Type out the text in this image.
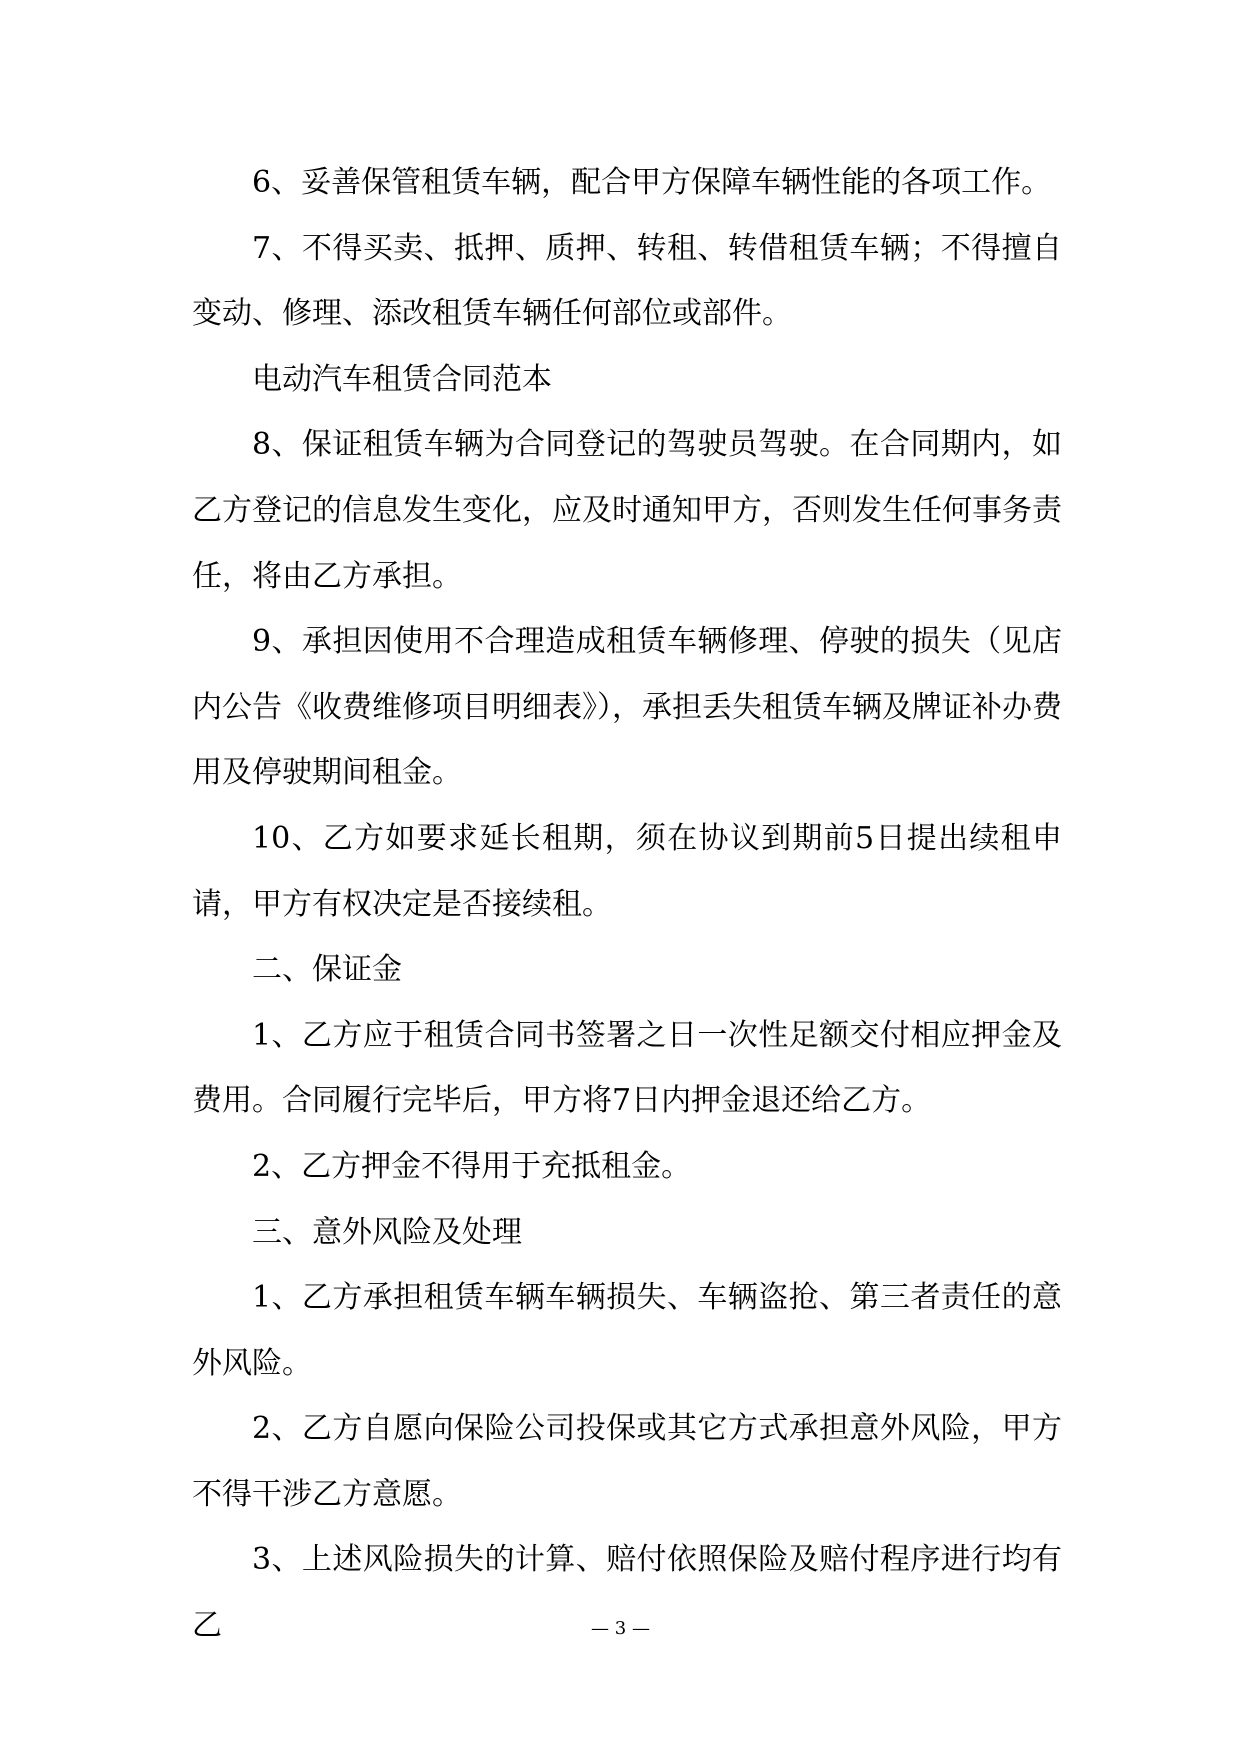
6、妥善保管租赁车辆，配合甲方保障车辆性能的各项工作。

7、不得买卖、抵押、质押、转租、转借租赁车辆；不得擅自变动、修理、添改租赁车辆任何部位或部件。

电动汽车租赁合同范本

8、保证租赁车辆为合同登记的驾驶员驾驶。在合同期内，如乙方登记的信息发生变化，应及时通知甲方，否则发生任何事务责任，将由乙方承担。

9、承担因使用不合理造成租赁车辆修理、停驶的损失（见店内公告《收费维修项目明细表》），承担丢失租赁车辆及牌证补办费用及停驶期间租金。

10、乙方如要求延长租期，须在协议到期前5日提出续租申请，甲方有权决定是否接续租。

二、保证金

1、乙方应于租赁合同书签署之日一次性足额交付相应押金及费用。合同履行完毕后，甲方将7日内押金退还给乙方。

2、乙方押金不得用于充抵租金。

三、意外风险及处理

1、乙方承担租赁车辆车辆损失、车辆盗抢、第三者责任的意外风险。

2、乙方自愿向保险公司投保或其它方式承担意外风险，甲方不得干涉乙方意愿。

3、上述风险损失的计算、赔付依照保险及赔付程序进行均有乙	— 3 —
